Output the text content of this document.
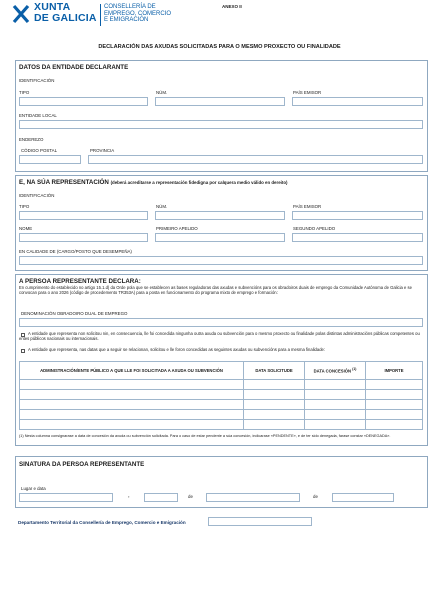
XUNTA
DE GALICIA
CONSELLERÍA DE
EMPREGO, COMERCIO
E EMIGRACIÓN
ANEXO II
DECLARACIÓN DAS AXUDAS SOLICITADAS PARA O MESMO PROXECTO OU FINALIDADE
DATOS DA ENTIDADE DECLARANTE
IDENTIFICACIÓN
TIPO	NÚM.	PAÍS EMISOR
ENTIDADE LOCAL
ENDEREZO
CÓDIGO POSTAL	PROVINCIA
E, NA SÚA REPRESENTACIÓN (deberá acreditarse a representación fidedigna por calquera medio válido en dereito)
IDENTIFICACIÓN
TIPO	NÚM.	PAÍS EMISOR
NOME	PRIMEIRO APELIDO	SEGUNDO APELIDO
EN CALIDADE DE (CARGO/POSTO QUE DESEMPEÑA)
A PERSOA REPRESENTANTE DECLARA:
En cumprimento do establecido no artigo 15.1.d) da Orde pola que se establecen as bases reguladoras das axudas e subvencións para os obradoiros duais de emprego da Comunidade Autónoma de Galicia e se convocan para o ano 2026 (código de procedemento TR353A) para a posta en funcionamento do programa mixto de emprego e formación:
DENOMINACIÓN OBRADOIRO DUAL DE EMPREGO
A entidade que representa non solicitou nin, en consecuencia, lle foi concedida ningunha outra axuda ou subvención para o mesmo proxecto ou finalidade polas distintas administracións públicas competentes ou entes públicos nacionais ou internacionais.
A entidade que representa, nas datas que a seguir se relacionan, solicitou e lle foron concedidas as seguintes axudas ou subvencións para a mesma finalidade:
ADMINISTRACIÓN/ENTE PÚBLICO A QUE LLE FOI SOLICITADA A AXUDA OU SUBVENCIÓN	DATA SOLICITUDE	DATA CONCESIÓN $^{(1)}$	IMPORTE

(1) Nesta columna consignarase a data de concesión da axuda ou subvención solicitada. Para o caso de estar pendente a súa concesión, indicarase «PENDENTE», e de ter sido denegada, farase constar «DENEGADA».
SINATURA DA PERSOA REPRESENTANTE
Lugar e data
,	de	de
Departamento Territorial da Consellería de Emprego, Comercio e Emigración
